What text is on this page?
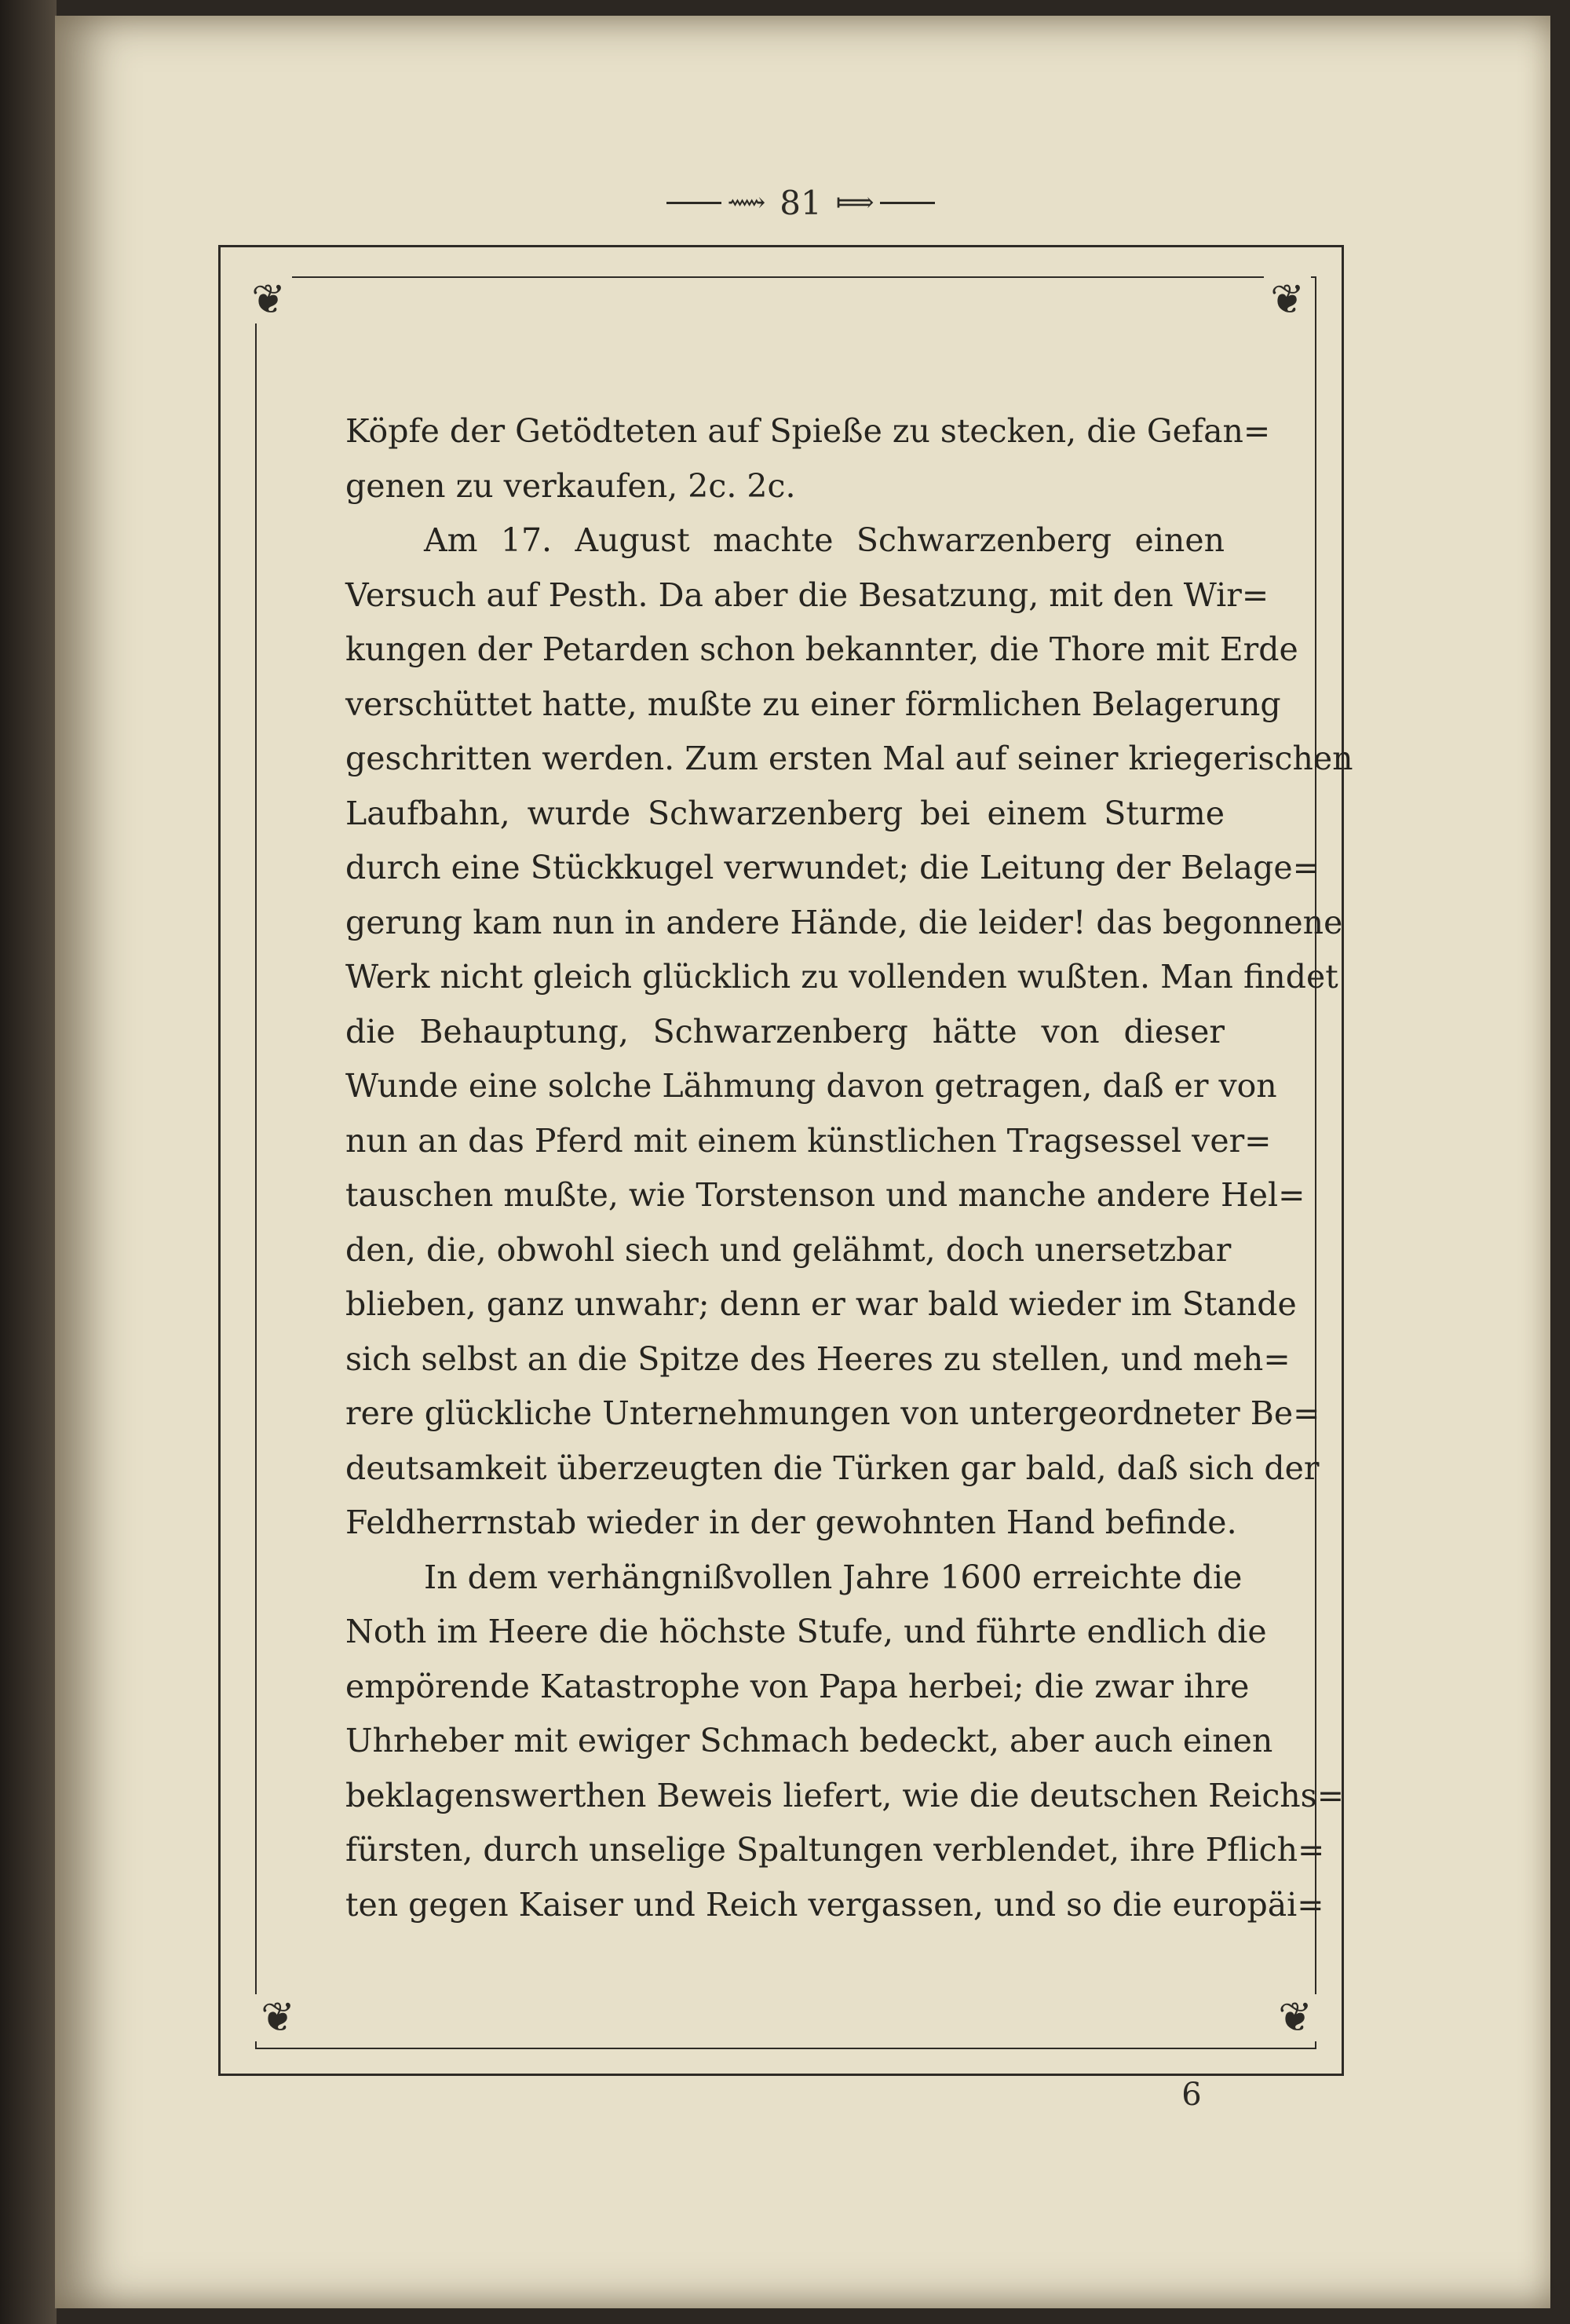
⟿ 81 ⟾
❦	❦
❦	❦
Köpfe der Getödteten auf Spieße zu stecken, die Gefan=
genen zu verkaufen, 2c. 2c.
Am 17. August machte Schwarzenberg einen
Versuch auf Pesth. Da aber die Besatzung, mit den Wir=
kungen der Petarden schon bekannter, die Thore mit Erde
verschüttet hatte, mußte zu einer förmlichen Belagerung
geschritten werden. Zum ersten Mal auf seiner kriegerischen
Laufbahn, wurde Schwarzenberg bei einem Sturme
durch eine Stückkugel verwundet; die Leitung der Belage=
gerung kam nun in andere Hände, die leider! das begonnene
Werk nicht gleich glücklich zu vollenden wußten. Man findet
die Behauptung, Schwarzenberg hätte von dieser
Wunde eine solche Lähmung davon getragen, daß er von
nun an das Pferd mit einem künstlichen Tragsessel ver=
tauschen mußte, wie Torstenson und manche andere Hel=
den, die, obwohl siech und gelähmt, doch unersetzbar
blieben, ganz unwahr; denn er war bald wieder im Stande
sich selbst an die Spitze des Heeres zu stellen, und meh=
rere glückliche Unternehmungen von untergeordneter Be=
deutsamkeit überzeugten die Türken gar bald, daß sich der
Feldherrnstab wieder in der gewohnten Hand befinde.
In dem verhängnißvollen Jahre 1600 erreichte die
Noth im Heere die höchste Stufe, und führte endlich die
empörende Katastrophe von Papa herbei; die zwar ihre
Uhrheber mit ewiger Schmach bedeckt, aber auch einen
beklagenswerthen Beweis liefert, wie die deutschen Reichs=
fürsten, durch unselige Spaltungen verblendet, ihre Pflich=
ten gegen Kaiser und Reich vergassen, und so die europäi=
6
